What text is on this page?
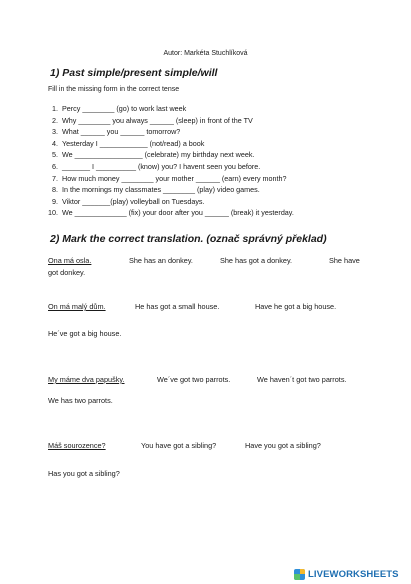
Autor: Markéta Stuchlíková
1) Past simple/present simple/will
Fill in the missing form in the correct tense
1. Percy ________ (go) to work last week
2. Why ________ you always ______ (sleep) in front of the TV
3. What ______ you ______ tomorrow?
4. Yesterday I ____________ (not/read) a book
5. We _________________ (celebrate) my birthday next week.
6. _______ I __________ (know) you? I havent seen you before.
7. How much money ________ your mother ______ (earn) every month?
8. In the mornings my classmates ________ (play) video games.
9. Viktor _______(play) volleyball on Tuesdays.
10. We _____________ (fix) your door after you ______ (break) it yesterday.
2) Mark the correct translation. (označ správný překlad)
Ona má osla.	She has an donkey.	She has got a donkey.	She have
got donkey.
On má malý dům.	He has got a small house.	Have he got a big house.
He´ve got a big house.
My máme dva papušky.	We´ve got two parrots.	We haven´t got two parrots.
We has two parrots.
Máš sourozence?	You have got a sibling?	Have you got a sibling?
Has you got a sibling?
LIVEWORKSHEETS
